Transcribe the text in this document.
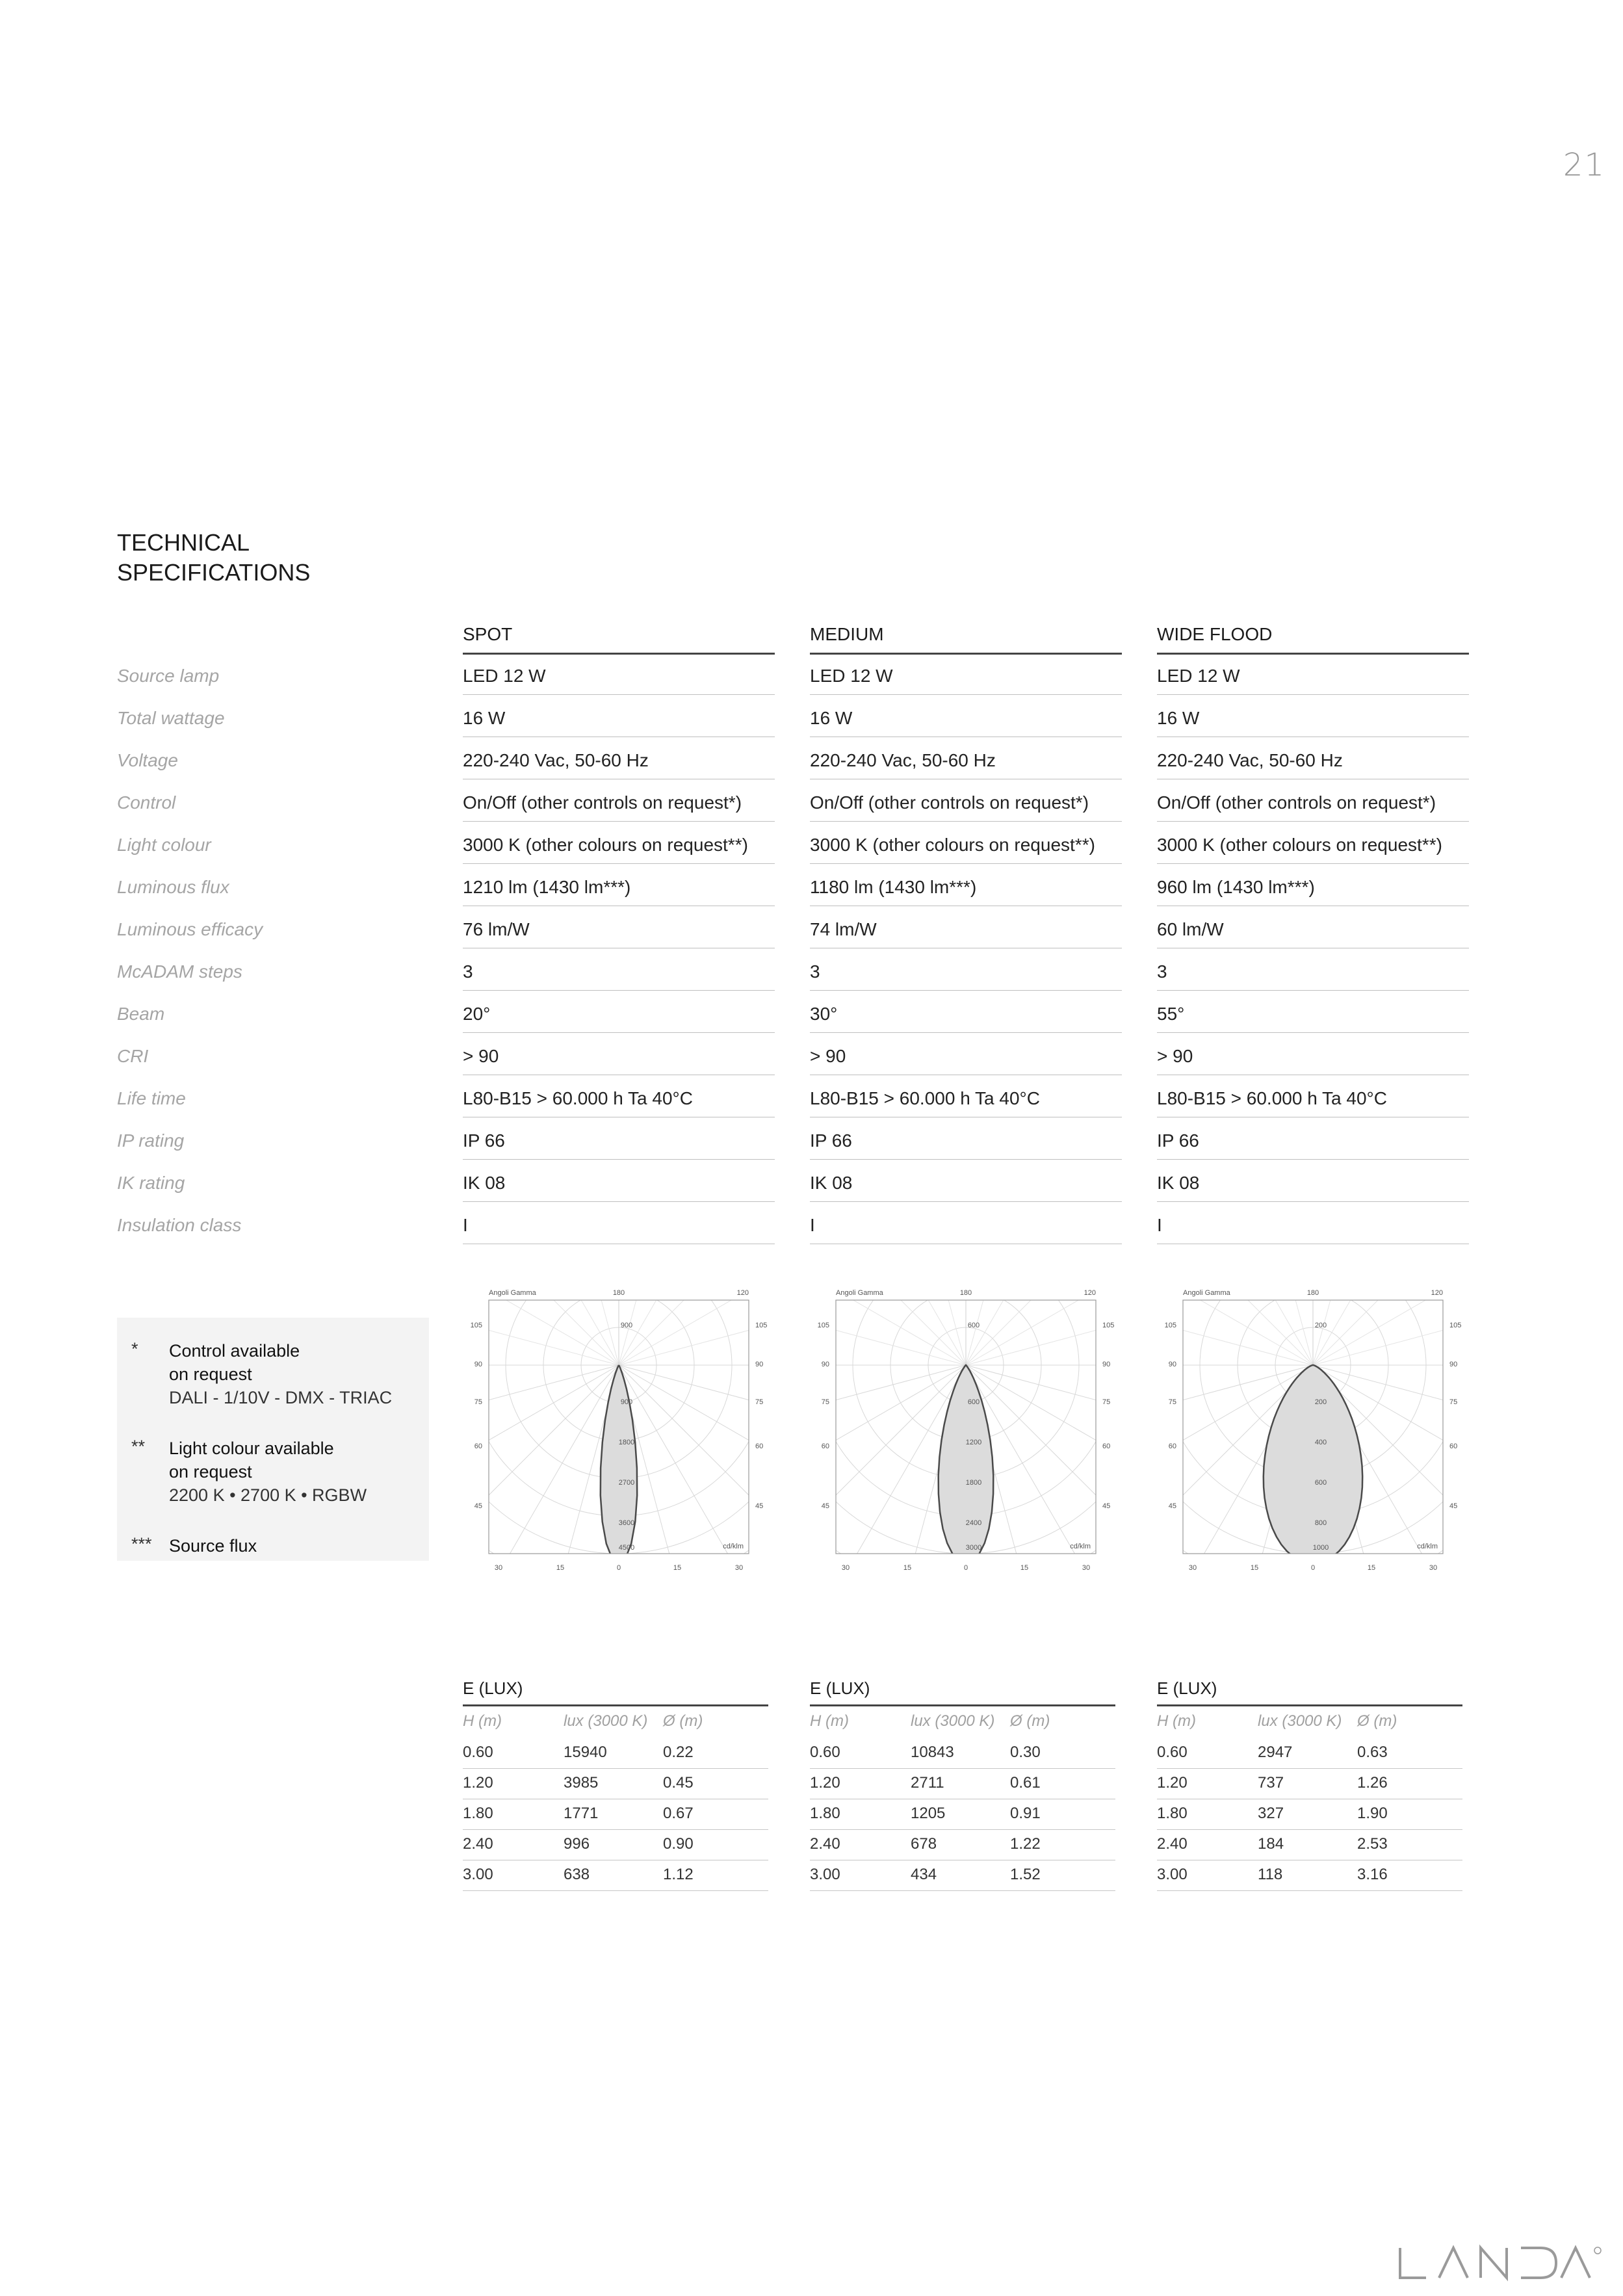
21
TECHNICAL
SPECIFICATIONS
SPOT	MEDIUM	WIDE FLOOD
Source lamp	LED 12 W	LED 12 W	LED 12 W
Total wattage	16 W	16 W	16 W
Voltage	220-240 Vac, 50-60 Hz	220-240 Vac, 50-60 Hz	220-240 Vac, 50-60 Hz
Control	On/Off (other controls on request*)	On/Off (other controls on request*)	On/Off (other controls on request*)
Light colour	3000 K (other colours on request**)	3000 K (other colours on request**)	3000 K (other colours on request**)
Luminous flux	1210 lm (1430 lm***)	1180 lm (1430 lm***)	960 lm (1430 lm***)
Luminous efficacy	76 lm/W	74 lm/W	60 lm/W
McADAM steps	3	3	3
Beam	20°	30°	55°
CRI	> 90	> 90	> 90
Life time	L80-B15 > 60.000 h Ta 40°C	L80-B15 > 60.000 h Ta 40°C	L80-B15 > 60.000 h Ta 40°C
IP rating	IP 66	IP 66	IP 66
IK rating	IK 08	IK 08	IK 08
Insulation class	I	I	I
* Control available
on request
DALI - 1/10V - DMX - TRIAC
** Light colour available
on request
2200 K • 2700 K • RGBW
*** Source flux
Angoli Gamma	180	120
105	105
90	90
75	75
60	60
45	45
30	15	0	15	30
900
900
1800
2700
3600
4500	cd/klm
Angoli Gamma	180	120
105	105
90	90
75	75
60	60
45	45
30	15	0	15	30
600
600
1200
1800
2400
3000	cd/klm
Angoli Gamma	180	120
105	105
90	90
75	75
60	60
45	45
30	15	0	15	30
200
200
400
600
800
1000	cd/klm
E (LUX)
H (m)	lux (3000 K) Ø (m)
0.60	15940	0.22
1.20	3985	0.45
1.80	1771	0.67
2.40	996	0.90
3.00	638	1.12
E (LUX)
H (m)	lux (3000 K) Ø (m)
0.60	10843	0.30
1.20	2711	0.61
1.80	1205	0.91
2.40	678	1.22
3.00	434	1.52
E (LUX)
H (m)	lux (3000 K) Ø (m)
0.60	2947	0.63
1.20	737	1.26
1.80	327	1.90
2.40	184	2.53
3.00	118	3.16
